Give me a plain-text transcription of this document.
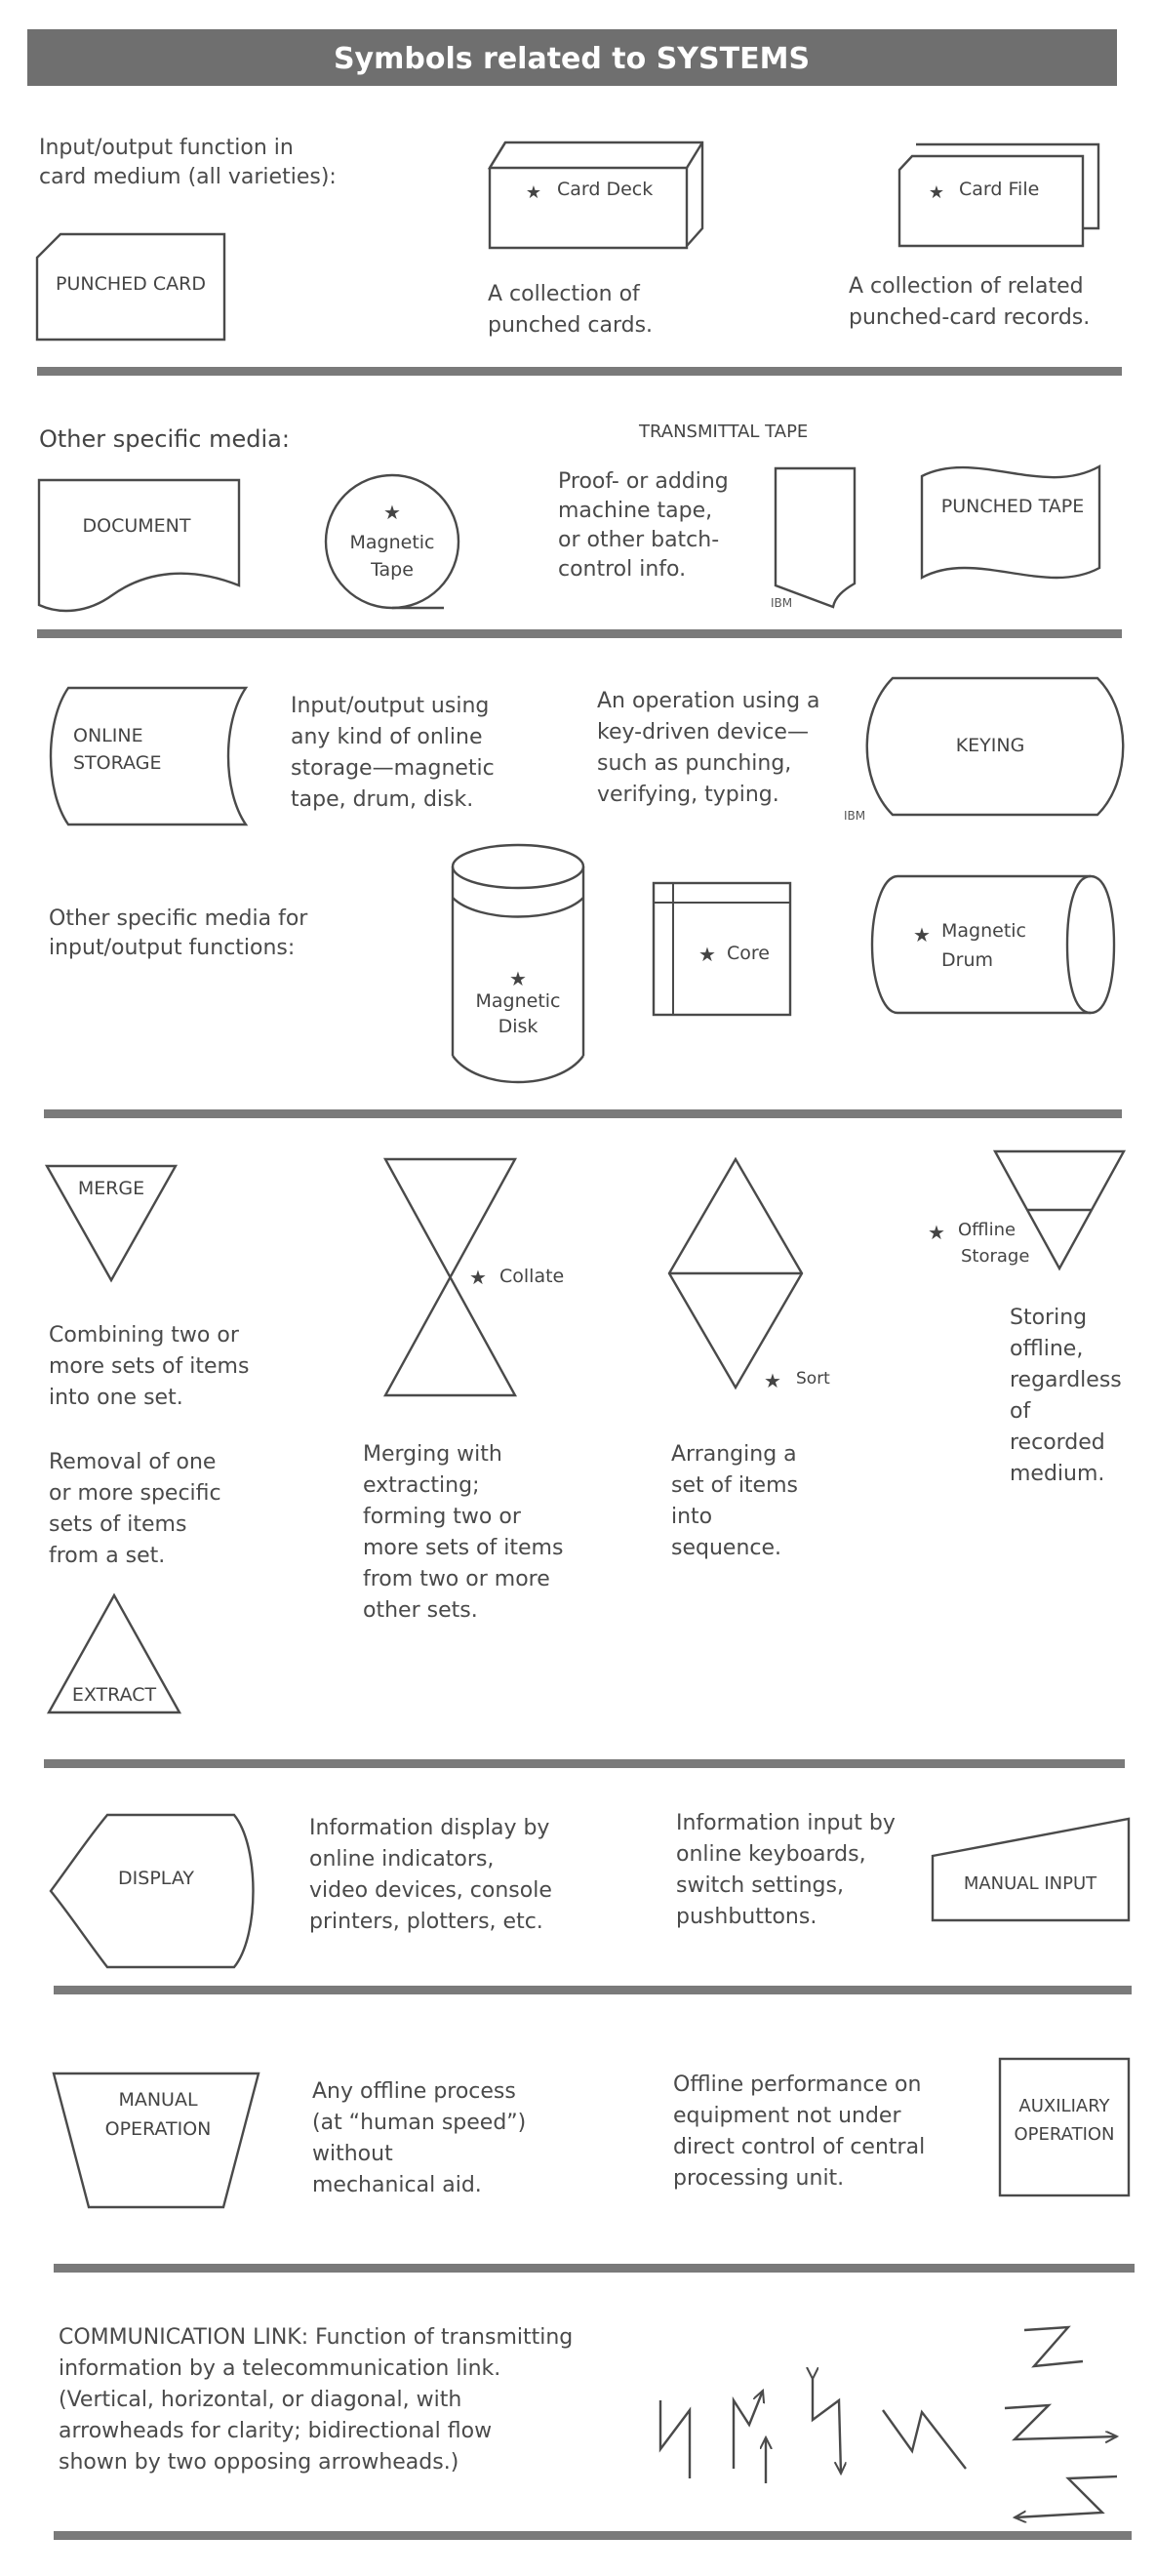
Symbols related to SYSTEMS
Input/output function in
card medium (all varieties):
PUNCHED CARD
★ Card Deck
A collection of
punched cards.
★ Card File
A collection of related
punched-card records.
Other specific media:
DOCUMENT
★
Magnetic
Tape
TRANSMITTAL TAPE
Proof- or adding
machine tape,
or other batch-
control info.
IBM
PUNCHED TAPE
ONLINE
STORAGE
Input/output using
any kind of online
storage—magnetic
tape, drum, disk.
An operation using a
key-driven device—
such as punching,
verifying, typing.
IBM
KEYING
Other specific media for
input/output functions:
★
Magnetic
Disk
★ Core
★ Magnetic
Drum
MERGE
Combining two or
more sets of items
into one set.
Removal of one
or more specific
sets of items
from a set.
EXTRACT
★ Collate
Merging with
extracting;
forming two or
more sets of items
from two or more
other sets.
★ Sort
Arranging a
set of items
into
sequence.
★ Offline
Storage
Storing
offline,
regardless
of
recorded
medium.
DISPLAY
Information display by
online indicators,
video devices, console
printers, plotters, etc.
Information input by
online keyboards,
switch settings,
pushbuttons.
MANUAL INPUT
MANUAL
OPERATION
Any offline process
(at “human speed”)
without
mechanical aid.
Offline performance on
equipment not under
direct control of central
processing unit.
AUXILIARY
OPERATION
COMMUNICATION LINK: Function of transmitting
information by a telecommunication link.
(Vertical, horizontal, or diagonal, with
arrowheads for clarity; bidirectional flow
shown by two opposing arrowheads.)
